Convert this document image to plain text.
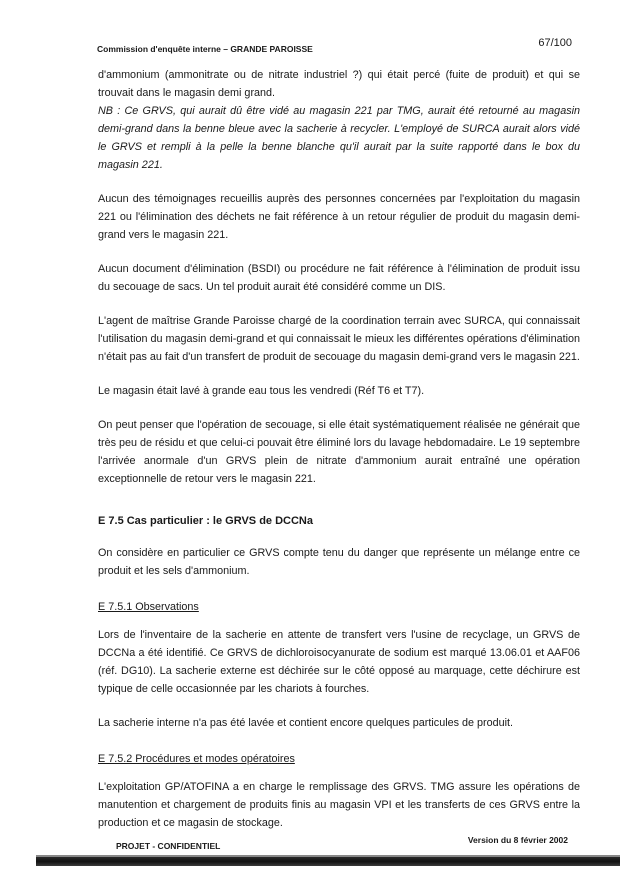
Commission d'enquête interne – GRANDE PAROISSE	67/100

d'ammonium (ammonitrate ou de nitrate industriel ?) qui était percé (fuite de produit) et qui se trouvait dans le magasin demi grand.

NB : Ce GRVS, qui aurait dû être vidé au magasin 221 par TMG, aurait été retourné au magasin demi-grand dans la benne bleue avec la sacherie à recycler. L'employé de SURCA aurait alors vidé le GRVS et rempli à la pelle la benne blanche qu'il aurait par la suite rapporté dans le box du magasin 221.

Aucun des témoignages recueillis auprès des personnes concernées par l'exploitation du magasin 221 ou l'élimination des déchets ne fait référence à un retour régulier de produit du magasin demi-grand vers le magasin 221.

Aucun document d'élimination (BSDI) ou procédure ne fait référence à l'élimination de produit issu du secouage de sacs. Un tel produit aurait été considéré comme un DIS.

L'agent de maîtrise Grande Paroisse chargé de la coordination terrain avec SURCA, qui connaissait l'utilisation du magasin demi-grand et qui connaissait le mieux les différentes opérations d'élimination n'était pas au fait d'un transfert de produit de secouage du magasin demi-grand vers le magasin 221.

Le magasin était lavé à grande eau tous les vendredi (Réf T6 et T7).

On peut penser que l'opération de secouage, si elle était systématiquement réalisée ne générait que très peu de résidu et que celui-ci pouvait être éliminé lors du lavage hebdomadaire. Le 19 septembre l'arrivée anormale d'un GRVS plein de nitrate d'ammonium aurait entraîné une opération exceptionnelle de retour vers le magasin 221.

E 7.5 Cas particulier : le GRVS de DCCNa

On considère en particulier ce GRVS compte tenu du danger que représente un mélange entre ce produit et les sels d'ammonium.

E 7.5.1 Observations

Lors de l'inventaire de la sacherie en attente de transfert vers l'usine de recyclage, un GRVS de DCCNa a été identifié. Ce GRVS de dichloroisocyanurate de sodium est marqué 13.06.01 et AAF06 (réf. DG10). La sacherie externe est déchirée sur le côté opposé au marquage, cette déchirure est typique de celle occasionnée par les chariots à fourches.

La sacherie interne n'a pas été lavée et contient encore quelques particules de produit.

E 7.5.2 Procédures et modes opératoires

L'exploitation GP/ATOFINA a en charge le remplissage des GRVS. TMG assure les opérations de manutention et chargement de produits finis au magasin VPI et les transferts de ces GRVS entre la production et ce magasin de stockage.

PROJET - CONFIDENTIEL
Version du 8 février 2002
